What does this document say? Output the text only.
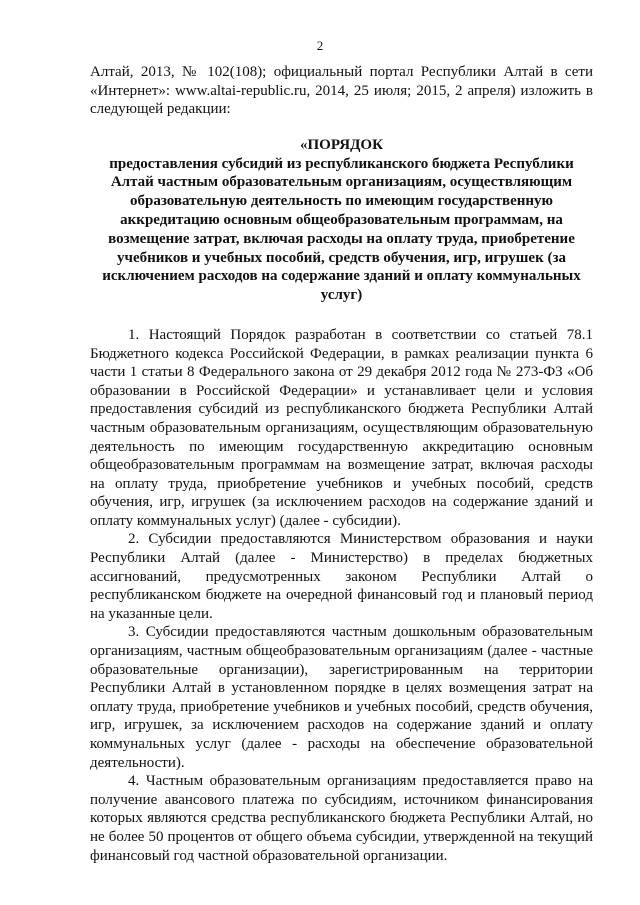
2

Алтай, 2013, № 102(108); официальный портал Республики Алтай в сети «Интернет»: www.altai-republic.ru, 2014, 25 июля; 2015, 2 апреля) изложить в следующей редакции:

«ПОРЯДОК
предоставления субсидий из республиканского бюджета Республики Алтай частным образовательным организациям, осуществляющим образовательную деятельность по имеющим государственную аккредитацию основным общеобразовательным программам, на возмещение затрат, включая расходы на оплату труда, приобретение учебников и учебных пособий, средств обучения, игр, игрушек (за исключением расходов на содержание зданий и оплату коммунальных услуг)

1. Настоящий Порядок разработан в соответствии со статьей 78.1 Бюджетного кодекса Российской Федерации, в рамках реализации пункта 6 части 1 статьи 8 Федерального закона от 29 декабря 2012 года № 273-ФЗ «Об образовании в Российской Федерации» и устанавливает цели и условия предоставления субсидий из республиканского бюджета Республики Алтай частным образовательным организациям, осуществляющим образовательную деятельность по имеющим государственную аккредитацию основным общеобразовательным программам на возмещение затрат, включая расходы на оплату труда, приобретение учебников и учебных пособий, средств обучения, игр, игрушек (за исключением расходов на содержание зданий и оплату коммунальных услуг) (далее - субсидии).

2. Субсидии предоставляются Министерством образования и науки Республики Алтай (далее - Министерство) в пределах бюджетных ассигнований, предусмотренных законом Республики Алтай о республиканском бюджете на очередной финансовый год и плановый период на указанные цели.

3. Субсидии предоставляются частным дошкольным образовательным организациям, частным общеобразовательным организациям (далее - частные образовательные организации), зарегистрированным на территории Республики Алтай в установленном порядке в целях возмещения затрат на оплату труда, приобретение учебников и учебных пособий, средств обучения, игр, игрушек, за исключением расходов на содержание зданий и оплату коммунальных услуг (далее - расходы на обеспечение образовательной деятельности).

4. Частным образовательным организациям предоставляется право на получение авансового платежа по субсидиям, источником финансирования которых являются средства республиканского бюджета Республики Алтай, но не более 50 процентов от общего объема субсидии, утвержденной на текущий финансовый год частной образовательной организации.
